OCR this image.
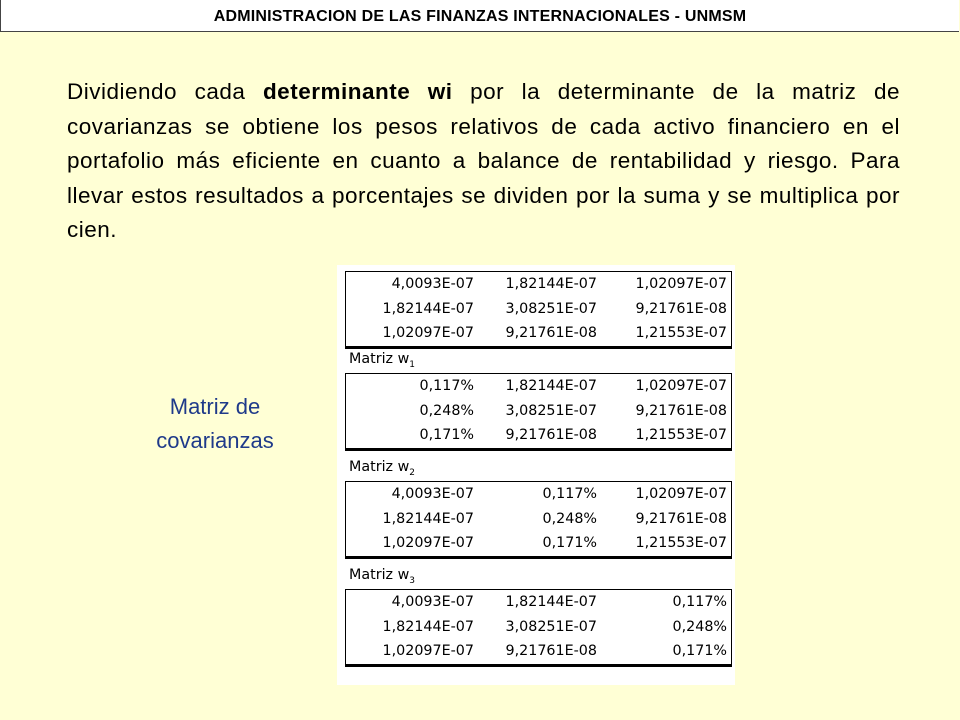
ADMINISTRACION DE LAS FINANZAS INTERNACIONALES - UNMSM
Dividiendo cada determinante wi por la determinante de la matriz de covarianzas se obtiene los pesos relativos de cada activo financiero en el portafolio más eficiente en cuanto a balance de rentabilidad y riesgo. Para llevar estos resultados a porcentajes se dividen por la suma y se multiplica por cien.
Matriz de
covarianzas
4,0093E-07	1,82144E-07	1,02097E-07
1,82144E-07	3,08251E-07	9,21761E-08
1,02097E-07	9,21761E-08	1,21553E-07
Matriz $w_1$
0,117%	1,82144E-07	1,02097E-07
0,248%	3,08251E-07	9,21761E-08
0,171%	9,21761E-08	1,21553E-07
Matriz $w_2$
4,0093E-07	0,117%	1,02097E-07
1,82144E-07	0,248%	9,21761E-08
1,02097E-07	0,171%	1,21553E-07
Matriz $w_3$
4,0093E-07	1,82144E-07	0,117%
1,82144E-07	3,08251E-07	0,248%
1,02097E-07	9,21761E-08	0,171%
